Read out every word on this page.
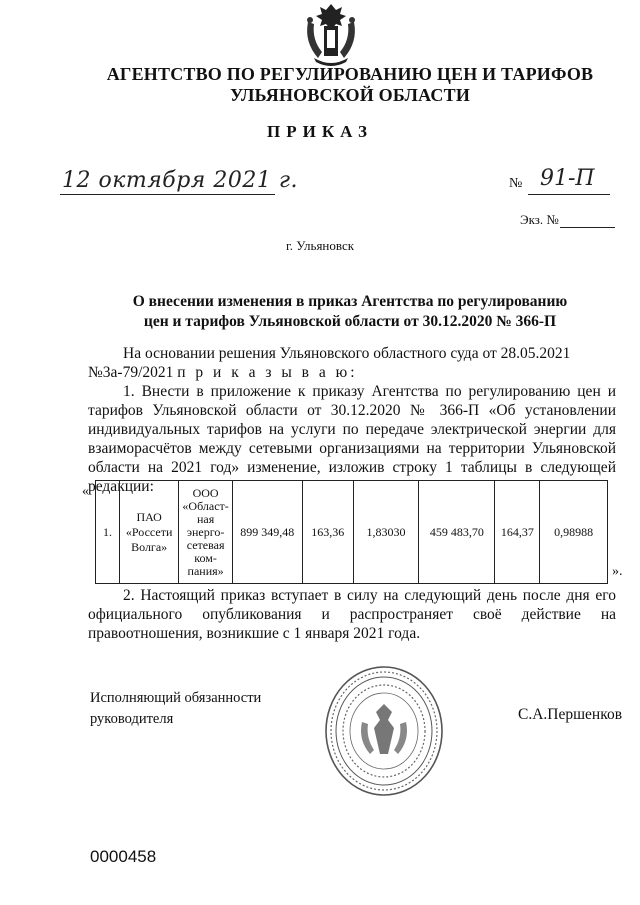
АГЕНТСТВО ПО РЕГУЛИРОВАНИЮ ЦЕН И ТАРИФОВ
УЛЬЯНОВСКОЙ ОБЛАСТИ
ПРИКАЗ
12 октября 2021 г.	№ 91-П
Экз. №
г. Ульяновск
О внесении изменения в приказ Агентства по регулированию
цен и тарифов Ульяновской области от 30.12.2020 № 366-П
На основании решения Ульяновского областного суда от 28.05.2021

№3а-79/2021 п р и к а з ы в а ю:
1. Внести в приложение к приказу Агентства по регулированию цен и тарифов Ульяновской области от 30.12.2020 № 366-П «Об установлении индивидуальных тарифов на услуги по передаче электрической энергии для взаиморасчётов между сетевыми организациями на территории Ульяновской области на 2021 год» изменение, изложив строку 1 таблицы в следующей редакции:
«
1.	ПАО «Россети Волга»	ООО «Област-ная энерго-сетевая ком-пания»	899 349,48	163,36	1,83030	459 483,70	164,37	0,98988
».
2. Настоящий приказ вступает в силу на следующий день после дня его официального опубликования и распространяет своё действие на правоотношения, возникшие с 1 января 2021 года.
Исполняющий обязанности
руководителя	С.А.Першенков
0000458
